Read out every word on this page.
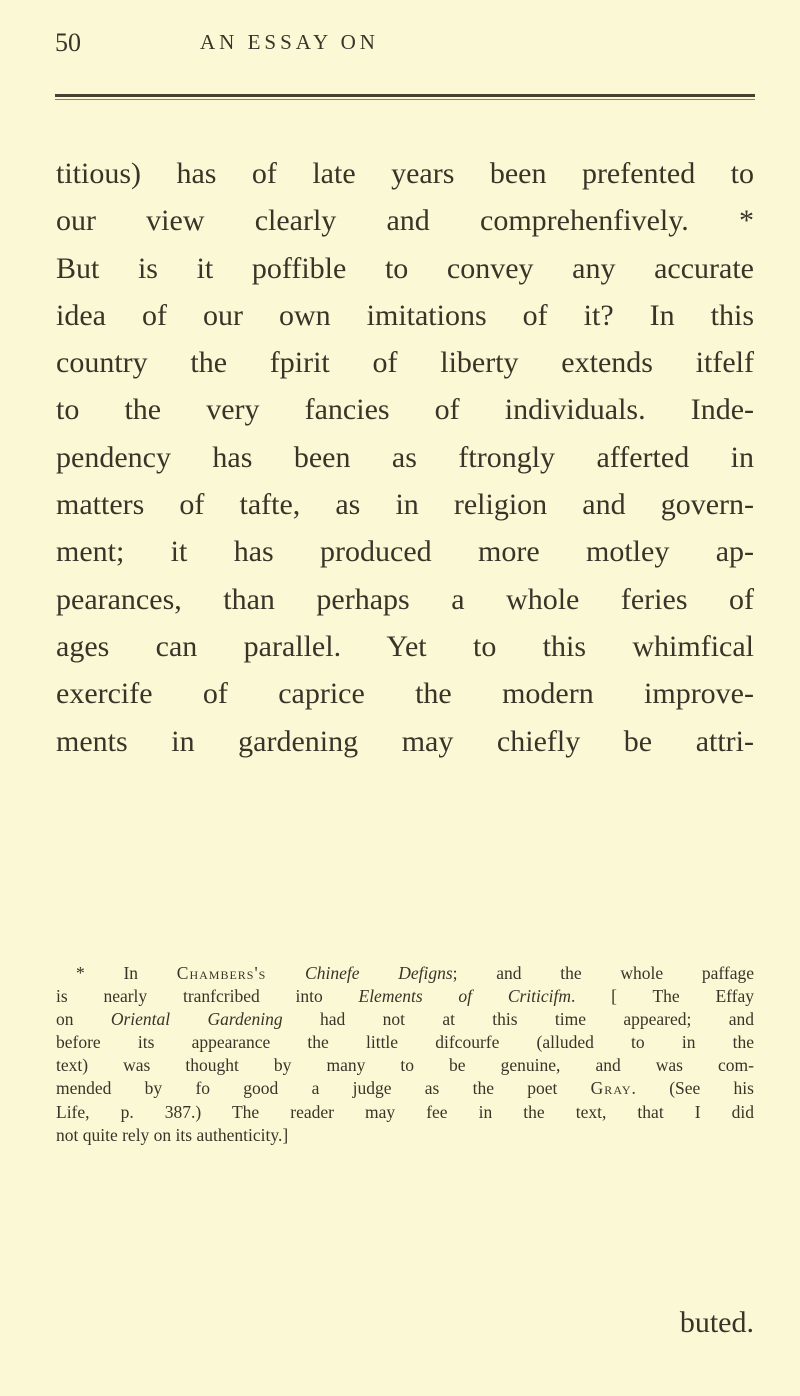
50	AN ESSAY ON
titious) has of late years been prefented to
our view clearly and comprehenfively. *
But is it poffible to convey any accurate
idea of our own imitations of it? In this
country the fpirit of liberty extends itfelf
to the very fancies of individuals. Inde-
pendency has been as ftrongly afferted in
matters of tafte, as in religion and govern-
ment; it has produced more motley ap-
pearances, than perhaps a whole feries of
ages can parallel. Yet to this whimfical
exercife of caprice the modern improve-
ments in gardening may chiefly be attri-
* In Chambers's Chinefe Defigns; and the whole paffage
is nearly tranfcribed into Elements of Criticifm. [ The Effay
on Oriental Gardening had not at this time appeared; and
before its appearance the little difcourfe (alluded to in the
text) was thought by many to be genuine, and was com-
mended by fo good a judge as the poet Gray. (See his
Life, p. 387.) The reader may fee in the text, that I did
not quite rely on its authenticity.]
buted.
